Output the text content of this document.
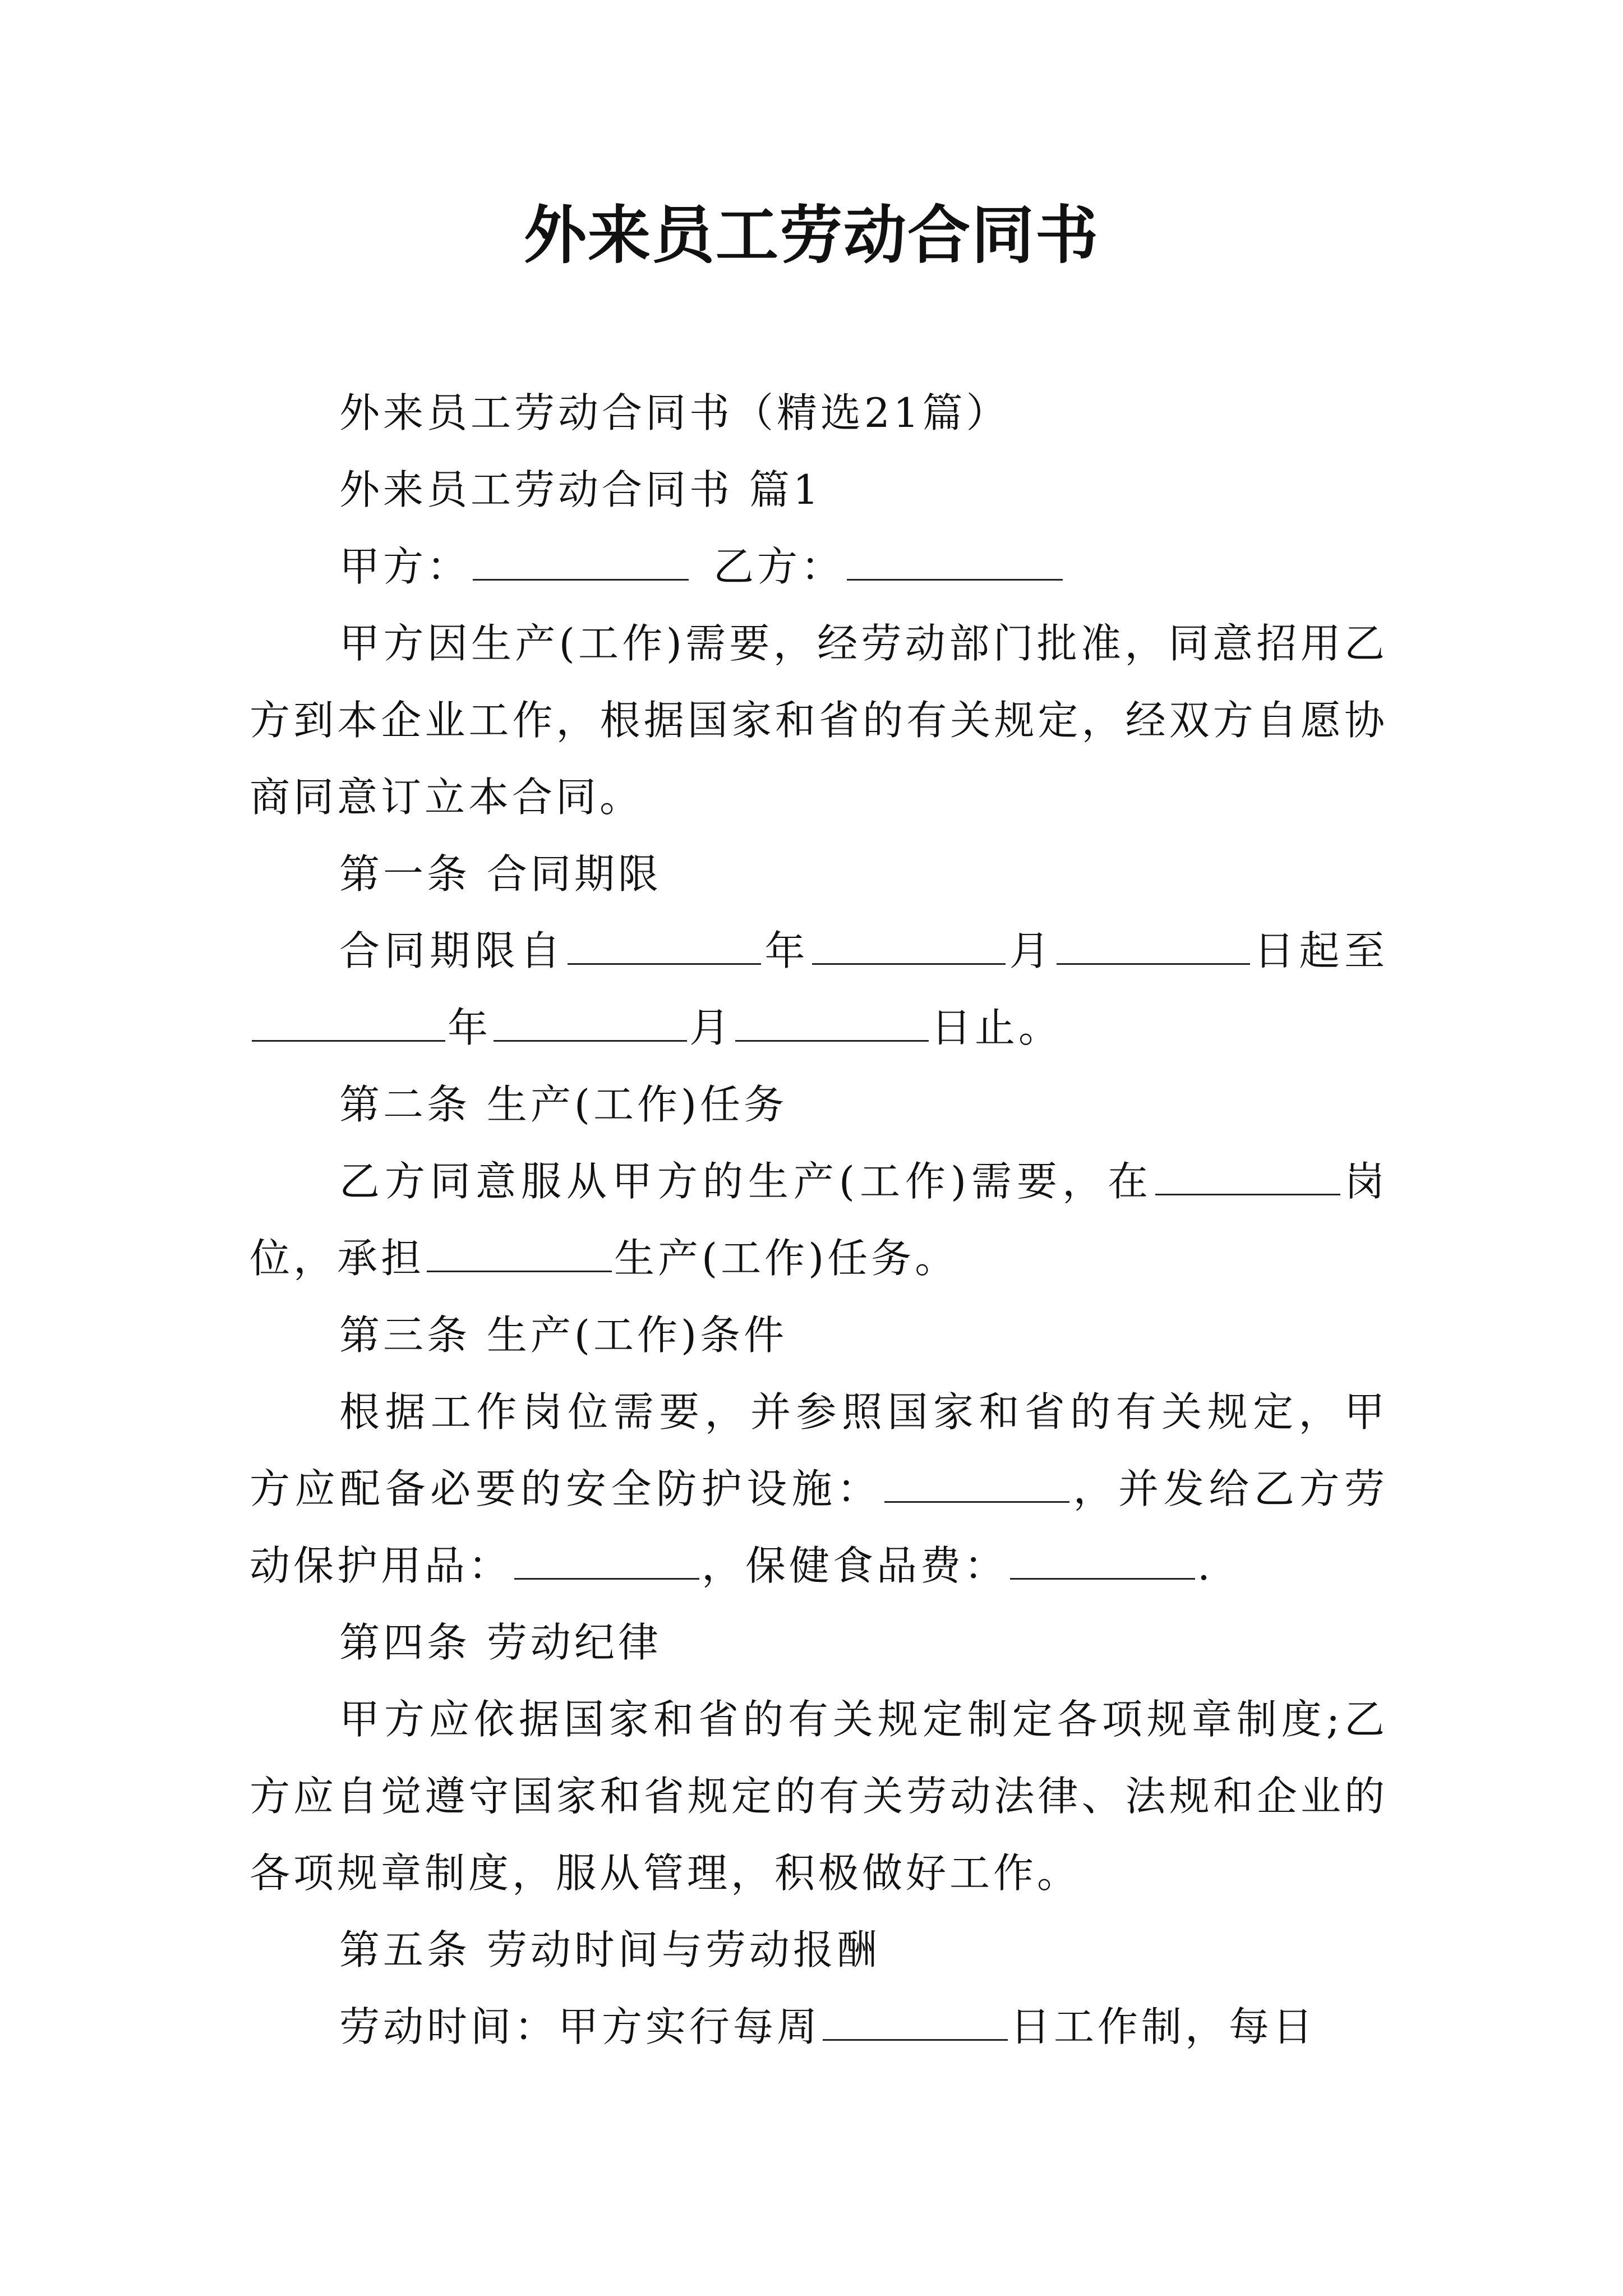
外来员工劳动合同书

外来员工劳动合同书（精选21篇）

外来员工劳动合同书 篇1

甲方：	乙方：

甲方因生产(工作)需要，经劳动部门批准，同意招用乙方到本企业工作，根据国家和省的有关规定，经双方自愿协商同意订立本合同。

第一条 合同期限

合同期限自	年	月	日起至年	月	日止。

第二条 生产(工作)任务

乙方同意服从甲方的生产(工作)需要，在	岗位，承担	生产(工作)任务。

第三条 生产(工作)条件

根据工作岗位需要，并参照国家和省的有关规定，甲方应配备必要的安全防护设施：	，并发给乙方劳动保护用品：	，保健食品费：	.

第四条 劳动纪律

甲方应依据国家和省的有关规定制定各项规章制度;乙方应自觉遵守国家和省规定的有关劳动法律、法规和企业的各项规章制度，服从管理，积极做好工作。

第五条 劳动时间与劳动报酬

劳动时间：甲方实行每周	日工作制，每日
